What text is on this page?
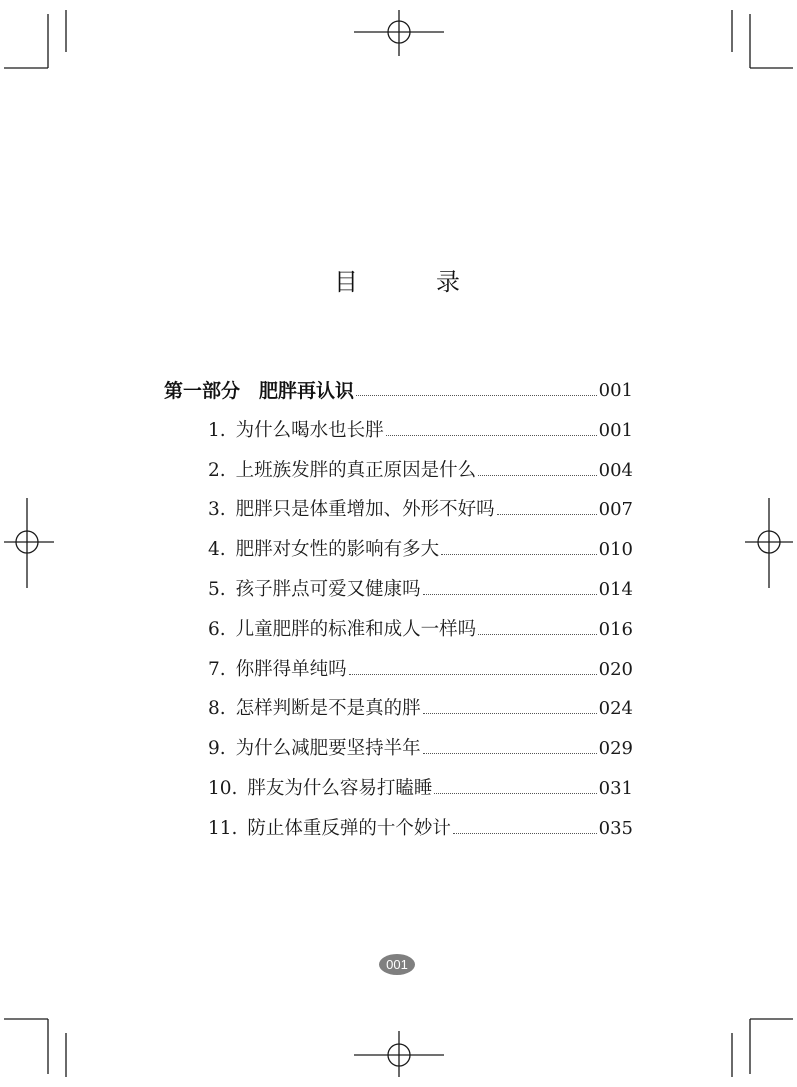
目	录
第一部分　肥胖再认识	001
1. 为什么喝水也长胖	001
2. 上班族发胖的真正原因是什么	004
3. 肥胖只是体重增加、外形不好吗	007
4. 肥胖对女性的影响有多大	010
5. 孩子胖点可爱又健康吗	014
6. 儿童肥胖的标准和成人一样吗	016
7. 你胖得单纯吗	020
8. 怎样判断是不是真的胖	024
9. 为什么减肥要坚持半年	029
10. 胖友为什么容易打瞌睡	031
11. 防止体重反弹的十个妙计	035
001
